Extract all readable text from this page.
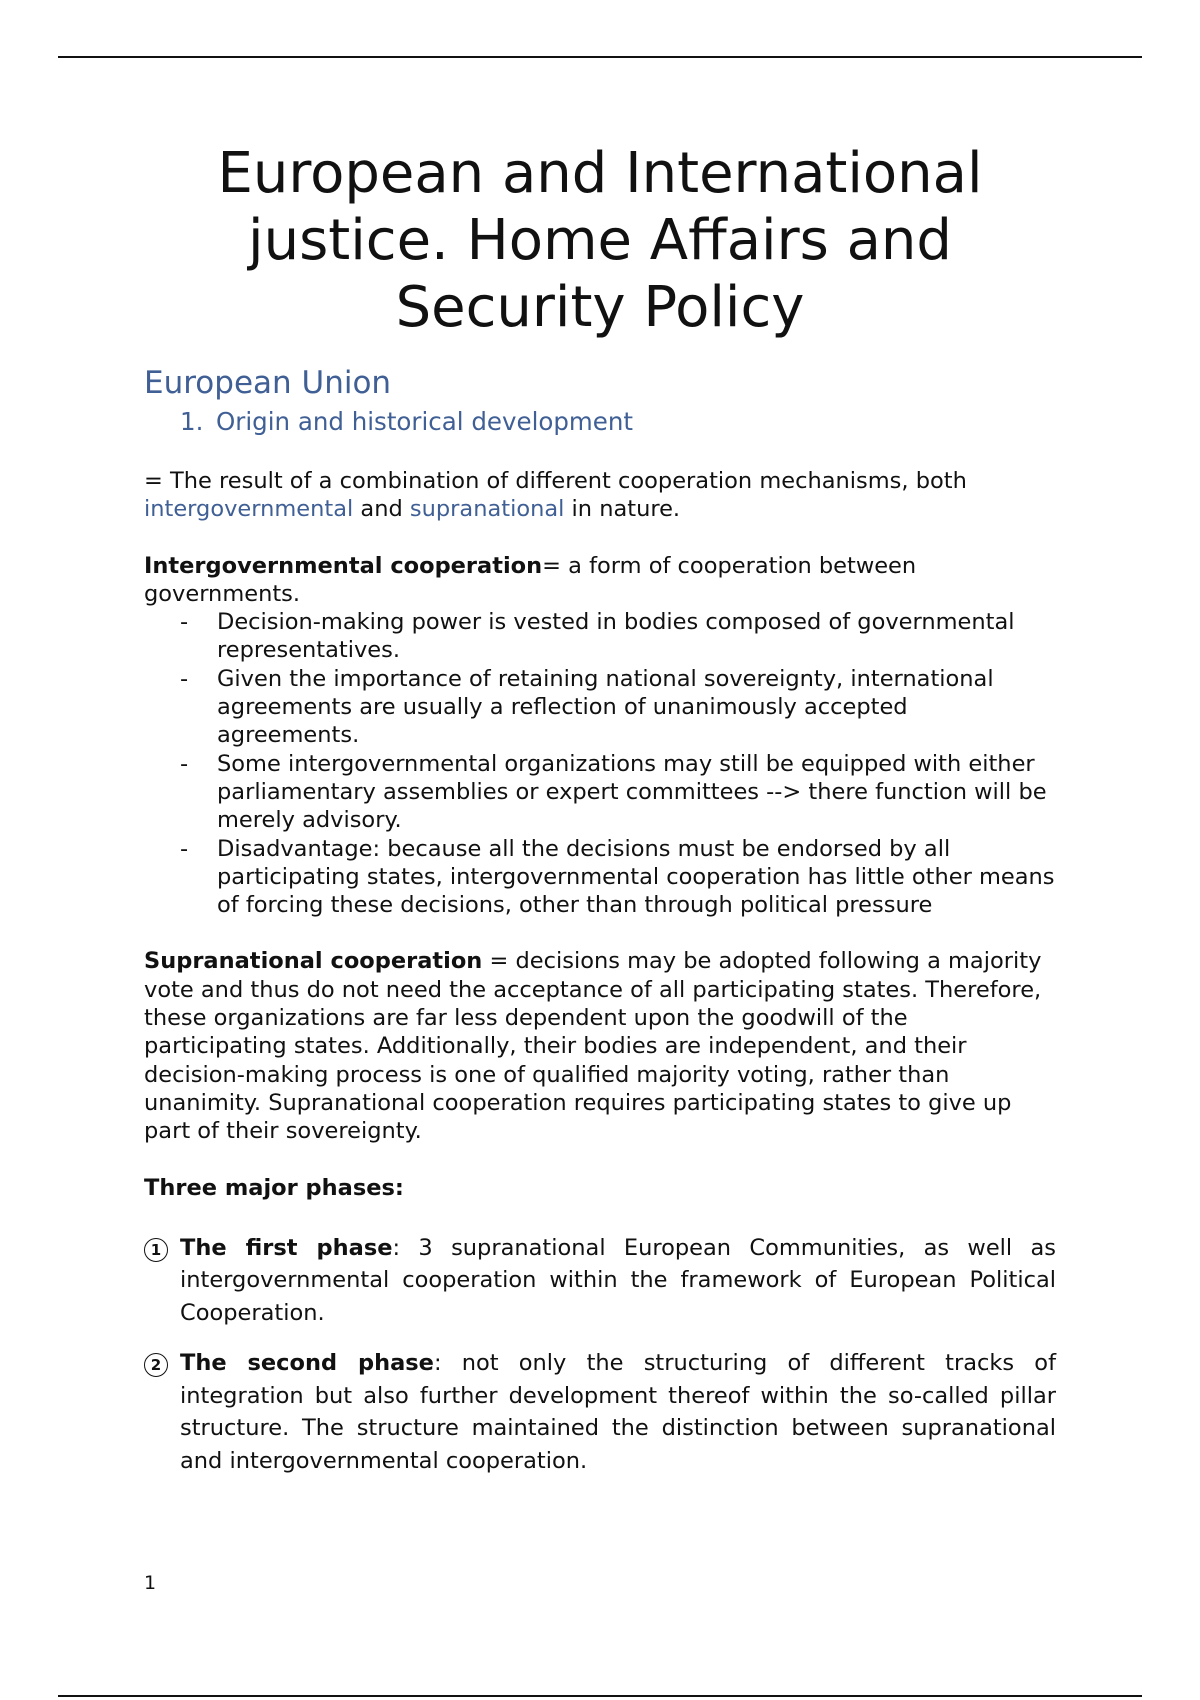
European and International justice. Home Affairs and Security Policy
European Union
1. Origin and historical development

= The result of a combination of different cooperation mechanisms, both intergovernmental and supranational in nature.

Intergovernmental cooperation= a form of cooperation between governments.

- Decision-making power is vested in bodies composed of governmental representatives.
- Given the importance of retaining national sovereignty, international agreements are usually a reflection of unanimously accepted agreements.
- Some intergovernmental organizations may still be equipped with either parliamentary assemblies or expert committees --> there function will be merely advisory.
- Disadvantage: because all the decisions must be endorsed by all participating states, intergovernmental cooperation has little other means of forcing these decisions, other than through political pressure

Supranational cooperation = decisions may be adopted following a majority vote and thus do not need the acceptance of all participating states. Therefore, these organizations are far less dependent upon the goodwill of the participating states. Additionally, their bodies are independent, and their decision-making process is one of qualified majority voting, rather than unanimity. Supranational cooperation requires participating states to give up part of their sovereignty.

Three major phases:

1 The first phase: 3 supranational European Communities, as well as intergovernmental cooperation within the framework of European Political Cooperation.

2 The second phase: not only the structuring of different tracks of integration but also further development thereof within the so-called pillar structure. The structure maintained the distinction between supranational and intergovernmental cooperation.

1
